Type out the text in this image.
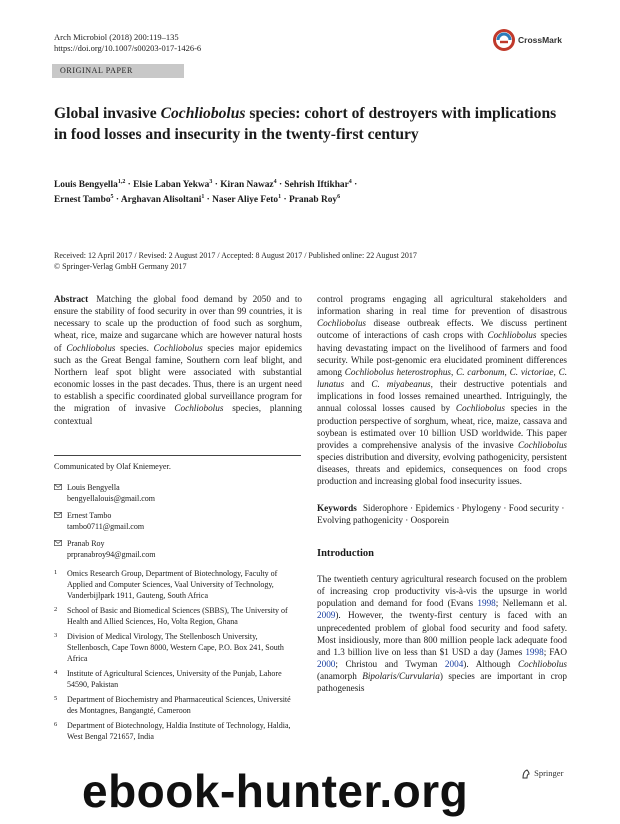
Arch Microbiol (2018) 200:119–135
https://doi.org/10.1007/s00203-017-1426-6
CrossMark
ORIGINAL PAPER
Global invasive Cochliobolus species: cohort of destroyers with implications in food losses and insecurity in the twenty-first century
Louis Bengyella$^{1,2}$ · Elsie Laban Yekwa$^3$ · Kiran Nawaz$^4$ · Sehrish Iftikhar$^4$ ·
Ernest Tambo$^5$ · Arghavan Alisoltani$^1$ · Naser Aliye Feto$^1$ · Pranab Roy$^6$
Received: 12 April 2017 / Revised: 2 August 2017 / Accepted: 8 August 2017 / Published online: 22 August 2017
© Springer-Verlag GmbH Germany 2017

Abstract Matching the global food demand by 2050 and to ensure the stability of food security in over than 99 countries, it is necessary to scale up the production of food such as sorghum, wheat, rice, maize and sugarcane which are however natural hosts of Cochliobolus species. Cochliobolus species major epidemics such as the Great Bengal famine, Southern corn leaf blight, and Northern leaf spot blight were associated with substantial economic losses in the past decades. Thus, there is an urgent need to establish a specific coordinated global surveillance program for the migration of invasive Cochliobolus species, planning contextual

Communicated by Olaf Kniemeyer.
Louis Bengyella
bengyellalouis@gmail.com
Ernest Tambo
tambo0711@gmail.com
Pranab Roy
prpranabroy94@gmail.com
1 Omics Research Group, Department of Biotechnology, Faculty of Applied and Computer Sciences, Vaal University of Technology, Vanderbijlpark 1911, Gauteng, South Africa
2 School of Basic and Biomedical Sciences (SBBS), The University of Health and Allied Sciences, Ho, Volta Region, Ghana
3 Division of Medical Virology, The Stellenbosch University, Stellenbosch, Cape Town 8000, Western Cape, P.O. Box 241, South Africa
4 Institute of Agricultural Sciences, University of the Punjab, Lahore 54590, Pakistan
5 Department of Biochemistry and Pharmaceutical Sciences, Université des Montagnes, Bangangté, Cameroon
6 Department of Biotechnology, Haldia Institute of Technology, Haldia, West Bengal 721657, India

control programs engaging all agricultural stakeholders and information sharing in real time for prevention of disastrous Cochliobolus disease outbreak effects. We discuss pertinent outcome of interactions of cash crops with Cochliobolus species having devastating impact on the livelihood of farmers and food security. While post-genomic era elucidated prominent differences among Cochliobolus heterostrophus, C. carbonum, C. victoriae, C. lunatus and C. miyabeanus, their destructive potentials and implications in food losses remained unearthed. Intriguingly, the annual colossal losses caused by Cochliobolus species in the production perspective of sorghum, wheat, rice, maize, cassava and soybean is estimated over 10 billion USD worldwide. This paper provides a comprehensive analysis of the invasive Cochliobolus species distribution and diversity, evolving pathogenicity, persistent diseases, threats and epidemics, consequences on food crops production and increasing global food insecurity issues.

Keywords Siderophore · Epidemics · Phylogeny · Food security · Evolving pathogenicity · Oosporein
Introduction

The twentieth century agricultural research focused on the problem of increasing crop productivity vis-à-vis the upsurge in world population and demand for food (Evans 1998; Nellemann et al. 2009). However, the twenty-first century is faced with an unprecedented problem of global food security and food safety. Most insidiously, more than 800 million people lack adequate food and 1.3 billion live on less than $1 USD a day (James 1998; FAO 2000; Christou and Twyman 2004). Although Cochliobolus (anamorph Bipolaris/Curvularia) species are important in crop pathogenesis

Springer
ebook-hunter.org
